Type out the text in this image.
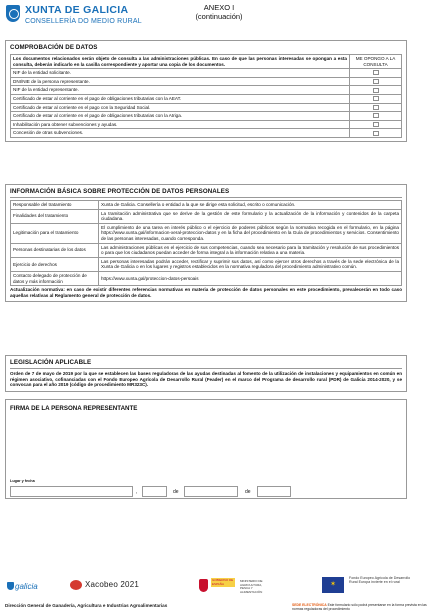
XUNTA DE GALICIA
CONSELLERÍA DO MEDIO RURAL
ANEXO I
(continuación)
COMPROBACIÓN DE DATOS
Los documentos relacionados serán objeto de consulta a las administraciones públicas. En caso de que las personas interesadas se opongan a esta consulta, deberán indicarlo en la casilla correspondiente y aportar una copia de los documentos.	ME OPONGO A LA CONSULTA
NIF de la entidad solicitante.	
DNI/NIE de la persona representante.	
NIF de la entidad representante.	
Certificado de estar al corriente en el pago de obligaciones tributarias con la AEAT.	
Certificado de estar al corriente en el pago con la Seguridad Social.	
Certificado de estar al corriente en el pago de obligaciones tributarias con la Atriga.	
Inhabilitación para obtener subvenciones y ayudas.	
Concesión de otras subvenciones.	
INFORMACIÓN BÁSICA SOBRE PROTECCIÓN DE DATOS PERSONALES
Responsable del tratamiento	Xunta de Galicia. Consellería o entidad a la que se dirige esta solicitud, escrito o comunicación.
Finalidades del tratamiento	La tramitación administrativa que se derive de la gestión de este formulario y la actualización de la información y contenidos de la carpeta ciudadana.
Legitimación para el tratamiento	El cumplimiento de una tarea en interés público o el ejercicio de poderes públicos según la normativa recogida en el formulario, en la página https://www.xunta.gal/informacion-xeral-proteccion-datos y en la ficha del procedimiento en la Guía de procedimientos y servicios. Consentimiento de las personas interesadas, cuando corresponda.
Personas destinatarias de los datos	Las administraciones públicas en el ejercicio de sus competencias, cuando sea necesario para la tramitación y resolución de sus procedimientos o para que los ciudadanos puedan acceder de forma integral a la información relativa a una materia.
Ejercicio de derechos	Las personas interesadas podrán acceder, rectificar y suprimir sus datos, así como ejercer otros derechos a través de la sede electrónica de la Xunta de Galicia o en los lugares y registros establecidos en la normativa reguladora del procedimiento administrativo común.
Contacto delegado de protección de datos y más información	https://www.xunta.gal/proteccion-datos-persoais
Actualización normativa: en caso de existir diferentes referencias normativas en materia de protección de datos personales en este procedimiento, prevalecerán en todo caso aquellas relativas al Reglamento general de protección de datos.
LEGISLACIÓN APLICABLE
Orden de 7 de mayo de 2019 por la que se establecen las bases reguladoras de las ayudas destinadas al fomento de la utilización de instalaciones y equipamientos en común en régimen asociativo, cofinanciadas con el Fondo Europeo Agrícola de Desarrollo Rural (Feader) en el marco del Programa de desarrollo rural (PDR) de Galicia 2014-2020, y se convocan para el año 2019 (código de procedimiento MR323C).
FIRMA DE LA PERSONA REPRESENTANTE
Lugar y fecha
,	de	de
galicia	Xacobeo 2021	GOBIERNO DE ESPAÑA
MINISTERIO DE AGRICULTURA, PESCA Y ALIMENTACIÓN
✶
Fondo Europeo Agrícola de Desarrollo Rural Europa invierte en el rural
Dirección General de Ganadería, Agricultura e Industrias Agroalimentarias	SEDE ELECTRÓNICA Este formulario sólo podrá presentarse en la forma prevista en las normas reguladoras del procedimiento
